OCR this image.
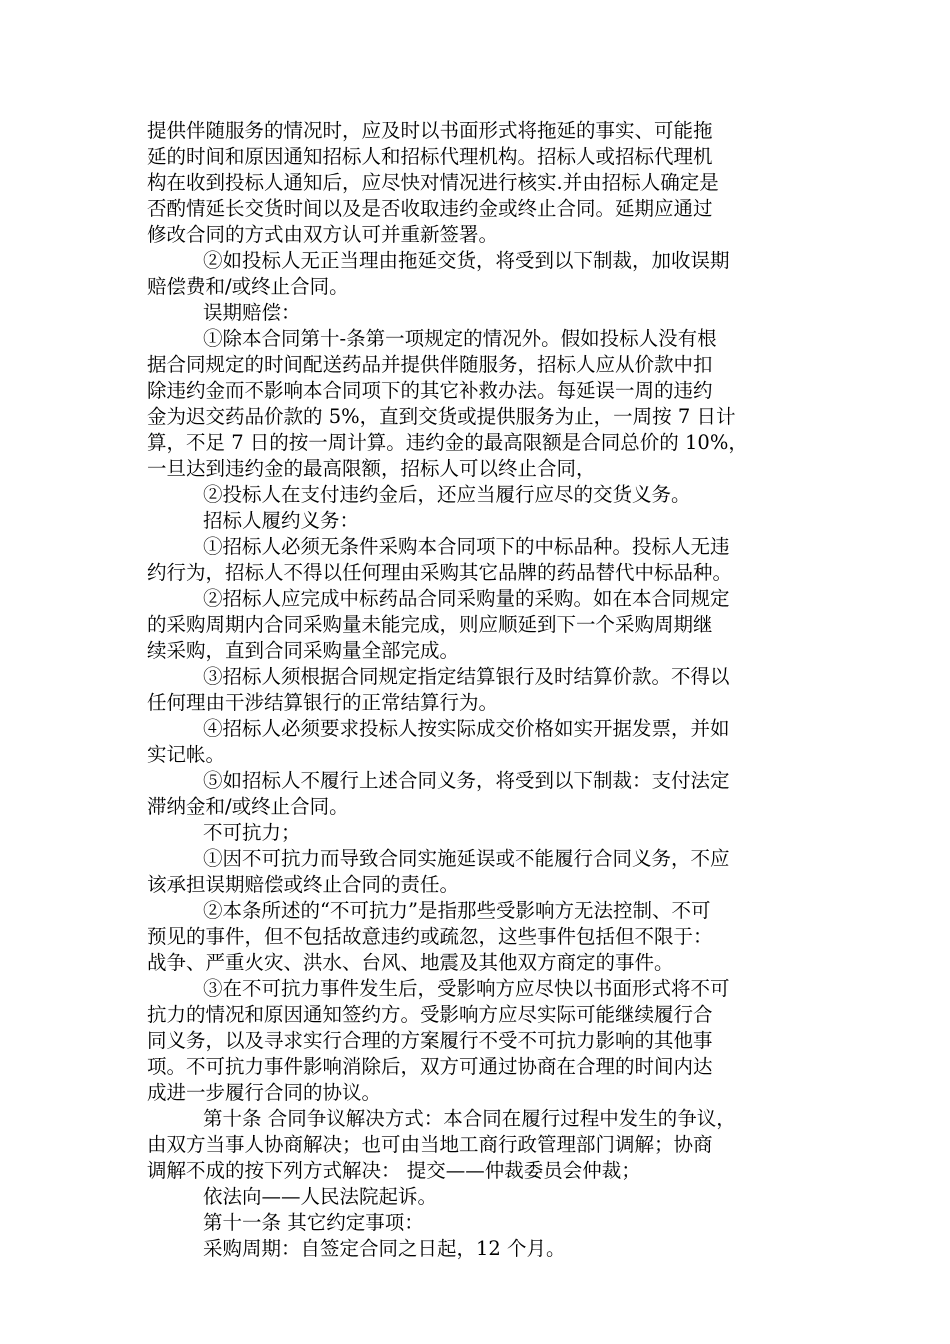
提供伴随服务的情况时，应及时以书面形式将拖延的事实、可能拖
延的时间和原因通知招标人和招标代理机构。招标人或招标代理机
构在收到投标人通知后，应尽快对情况进行核实.并由招标人确定是
否酌情延长交货时间以及是否收取违约金或终止合同。延期应通过
修改合同的方式由双方认可并重新签署。
②如投标人无正当理由拖延交货，将受到以下制裁，加收误期
赔偿费和/或终止合同。
误期赔偿：
①除本合同第十-条第一项规定的情况外。假如投标人没有根
据合同规定的时间配送药品并提供伴随服务，招标人应从价款中扣
除违约金而不影响本合同项下的其它补救办法。每延误一周的违约
金为迟交药品价款的 5%，直到交货或提供服务为止，一周按 7 日计
算，不足 7 日的按一周计算。违约金的最高限额是合同总价的 10%，
一旦达到违约金的最高限额，招标人可以终止合同，
②投标人在支付违约金后，还应当履行应尽的交货义务。
招标人履约义务：
①招标人必须无条件采购本合同项下的中标品种。投标人无违
约行为，招标人不得以任何理由采购其它品牌的药品替代中标品种。
②招标人应完成中标药品合同采购量的采购。如在本合同规定
的采购周期内合同采购量未能完成，则应顺延到下一个采购周期继
续采购，直到合同采购量全部完成。
③招标人须根据合同规定指定结算银行及时结算价款。不得以
任何理由干涉结算银行的正常结算行为。
④招标人必须要求投标人按实际成交价格如实开据发票，并如
实记帐。
⑤如招标人不履行上述合同义务，将受到以下制裁：支付法定
滞纳金和/或终止合同。
不可抗力；
①因不可抗力而导致合同实施延误或不能履行合同义务，不应
该承担误期赔偿或终止合同的责任。
②本条所述的“不可抗力”是指那些受影响方无法控制、不可
预见的事件，但不包括故意违约或疏忽，这些事件包括但不限于：
战争、严重火灾、洪水、台风、地震及其他双方商定的事件。
③在不可抗力事件发生后，受影响方应尽快以书面形式将不可
抗力的情况和原因通知签约方。受影响方应尽实际可能继续履行合
同义务，以及寻求实行合理的方案履行不受不可抗力影响的其他事
项。不可抗力事件影响消除后，双方可通过协商在合理的时间内达
成进一步履行合同的协议。
第十条 合同争议解决方式：本合同在履行过程中发生的争议，
由双方当事人协商解决；也可由当地工商行政管理部门调解；协商
调解不成的按下列方式解决： 提交——仲裁委员会仲裁；
依法向——人民法院起诉。
第十一条 其它约定事项：
采购周期：自签定合同之日起，12 个月。
